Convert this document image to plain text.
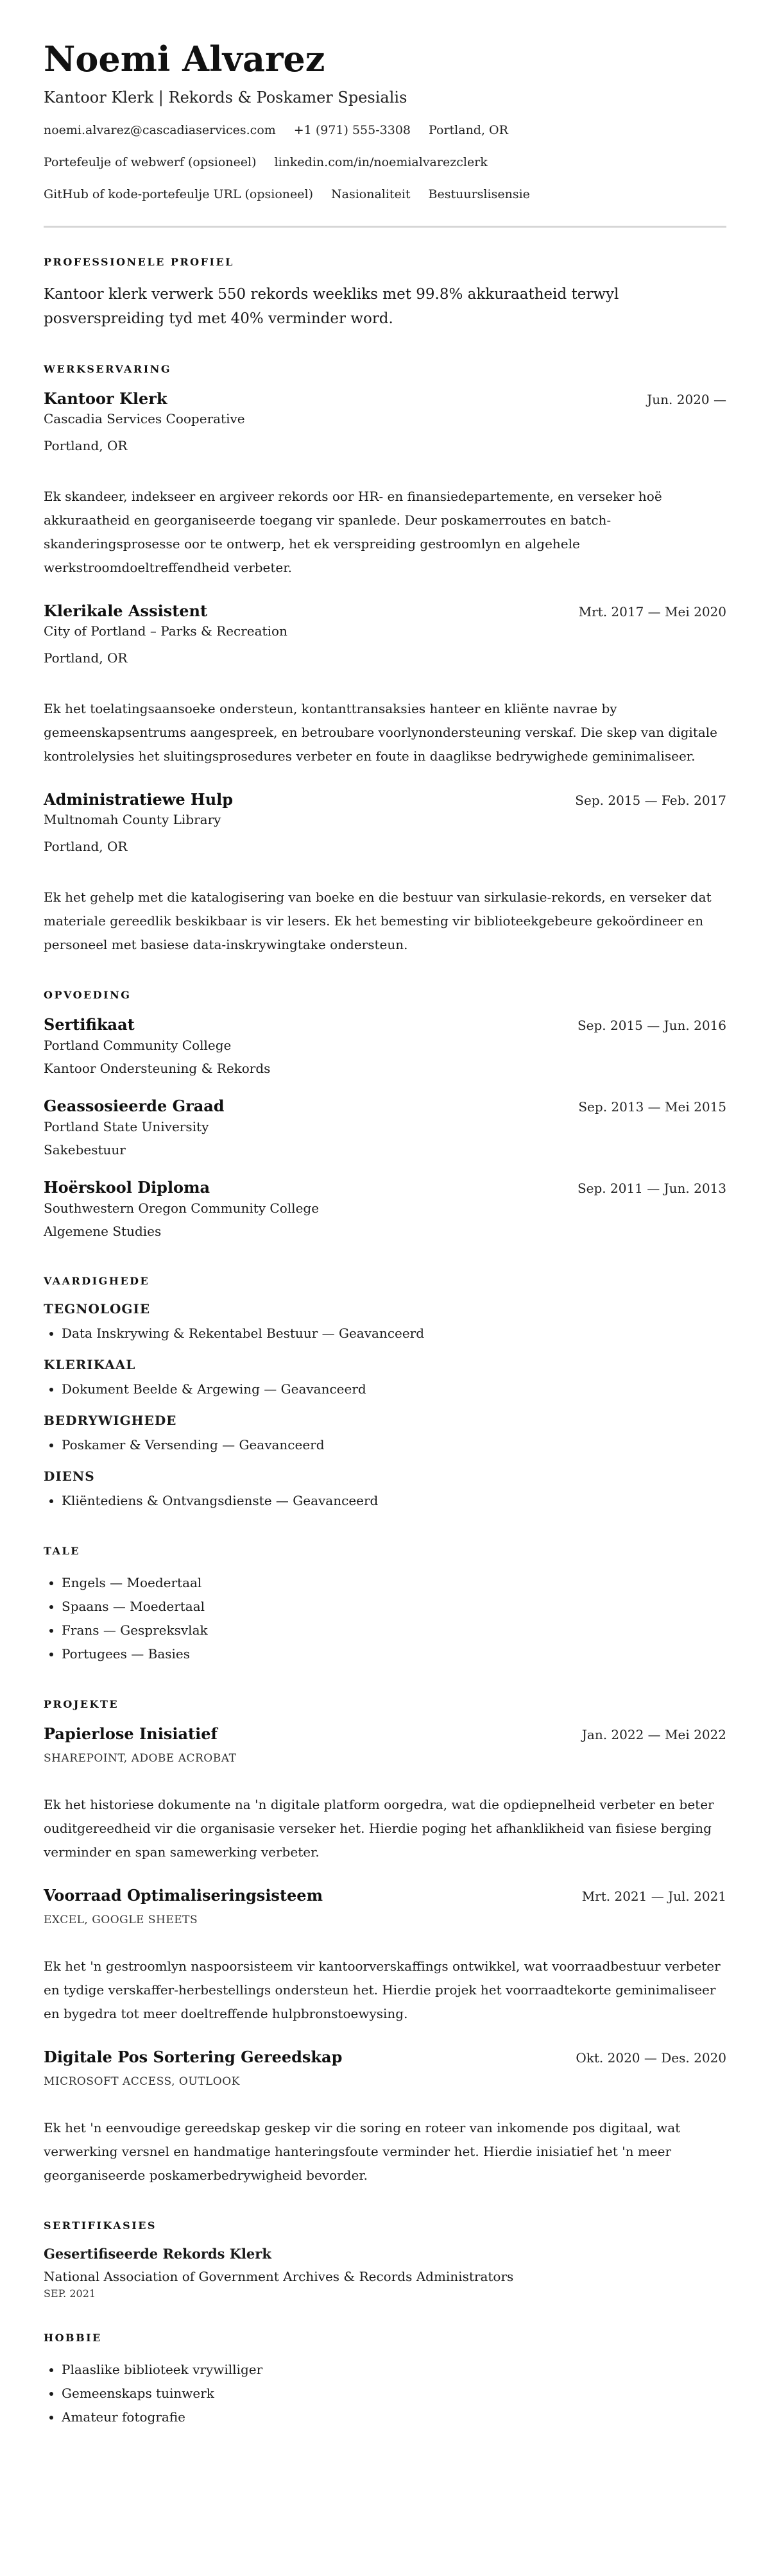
Noemi Alvarez
Kantoor Klerk | Rekords & Poskamer Spesialis
noemi.alvarez@cascadiaservices.com +1 (971) 555-3308 Portland, OR
Portefeulje of webwerf (opsioneel) linkedin.com/in/noemialvarezclerk
GitHub of kode-portefeulje URL (opsioneel) Nasionaliteit Bestuurslisensie
PROFESSIONELE PROFIEL

Kantoor klerk verwerk 550 rekords weekliks met 99.8% akkuraatheid terwyl posverspreiding tyd met 40% verminder word.

WERKSERVARING
Kantoor Klerk	Jun. 2020 —
Cascadia Services Cooperative
Portland, OR
Ek skandeer, indekseer en argiveer rekords oor HR- en finansiedepartemente, en verseker hoë akkuraatheid en georganiseerde toegang vir spanlede. Deur poskamerroutes en batch-skanderingsprosesse oor te ontwerp, het ek verspreiding gestroomlyn en algehele werkstroomdoeltreffendheid verbeter.
Klerikale Assistent	Mrt. 2017 — Mei 2020
City of Portland – Parks & Recreation
Portland, OR
Ek het toelatingsaansoeke ondersteun, kontanttransaksies hanteer en kliënte navrae by gemeenskapsentrums aangespreek, en betroubare voorlynondersteuning verskaf. Die skep van digitale kontrolelysies het sluitingsprosedures verbeter en foute in daaglikse bedrywighede geminimaliseer.
Administratiewe Hulp	Sep. 2015 — Feb. 2017
Multnomah County Library
Portland, OR
Ek het gehelp met die katalogisering van boeke en die bestuur van sirkulasie-rekords, en verseker dat materiale gereedlik beskikbaar is vir lesers. Ek het bemesting vir biblioteekgebeure gekoördineer en personeel met basiese data-inskrywingtake ondersteun.
OPVOEDING
Sertifikaat	Sep. 2015 — Jun. 2016
Portland Community College
Kantoor Ondersteuning & Rekords
Geassosieerde Graad	Sep. 2013 — Mei 2015
Portland State University
Sakebestuur
Hoërskool Diploma	Sep. 2011 — Jun. 2013
Southwestern Oregon Community College
Algemene Studies
VAARDIGHEDE
TEGNOLOGIE
• Data Inskrywing & Rekentabel Bestuur — Geavanceerd
KLERIKAAL
• Dokument Beelde & Argewing — Geavanceerd
BEDRYWIGHEDE
• Poskamer & Versending — Geavanceerd
DIENS
• Kliëntediens & Ontvangsdienste — Geavanceerd
TALE
• Engels — Moedertaal
• Spaans — Moedertaal
• Frans — Gespreksvlak
• Portugees — Basies
PROJEKTE
Papierlose Inisiatief	Jan. 2022 — Mei 2022
SHAREPOINT, ADOBE ACROBAT
Ek het historiese dokumente na 'n digitale platform oorgedra, wat die opdiepnelheid verbeter en beter ouditgereedheid vir die organisasie verseker het. Hierdie poging het afhanklikheid van fisiese berging verminder en span samewerking verbeter.
Voorraad Optimaliseringsisteem	Mrt. 2021 — Jul. 2021
EXCEL, GOOGLE SHEETS
Ek het 'n gestroomlyn naspoorsisteem vir kantoorverskaffings ontwikkel, wat voorraadbestuur verbeter en tydige verskaffer-herbestellings ondersteun het. Hierdie projek het voorraadtekorte geminimaliseer en bygedra tot meer doeltreffende hulpbronstoewysing.
Digitale Pos Sortering Gereedskap	Okt. 2020 — Des. 2020
MICROSOFT ACCESS, OUTLOOK
Ek het 'n eenvoudige gereedskap geskep vir die soring en roteer van inkomende pos digitaal, wat verwerking versnel en handmatige hanteringsfoute verminder het. Hierdie inisiatief het 'n meer georganiseerde poskamerbedrywigheid bevorder.
SERTIFIKASIES
Gesertifiseerde Rekords Klerk
National Association of Government Archives & Records Administrators
SEP. 2021
HOBBIE
• Plaaslike biblioteek vrywilliger
• Gemeenskaps tuinwerk
• Amateur fotografie
